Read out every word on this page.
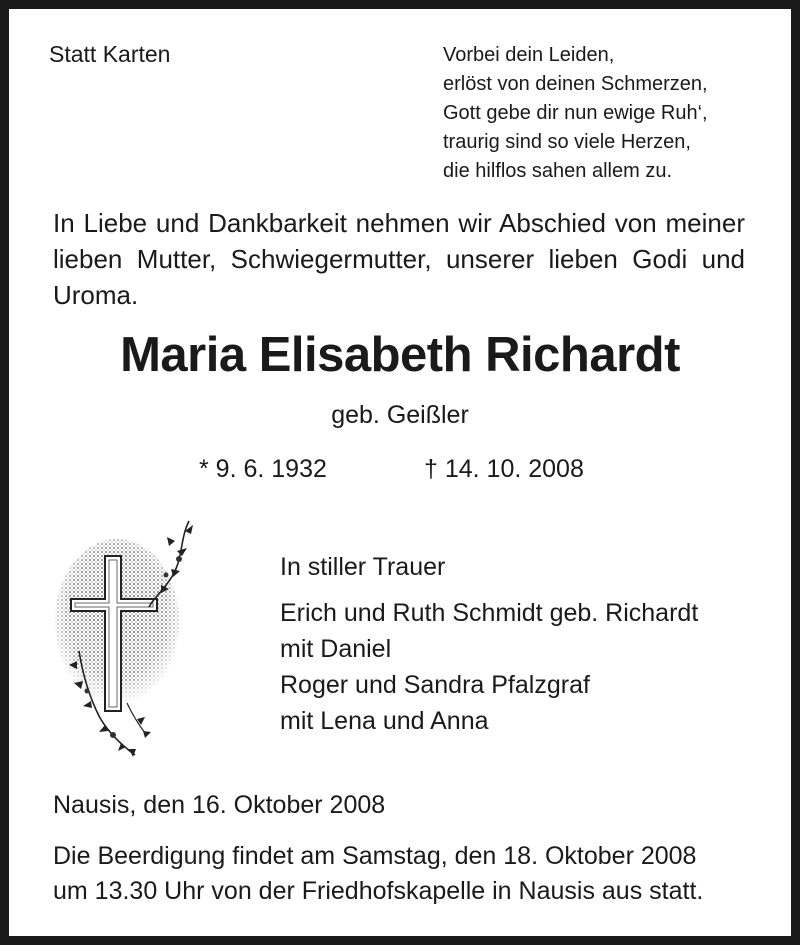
Statt Karten	Vorbei dein Leiden,
erlöst von deinen Schmerzen,
Gott gebe dir nun ewige Ruh‘,
traurig sind so viele Herzen,
die hilflos sahen allem zu.
In Liebe und Dankbarkeit nehmen wir Abschied von meiner lieben Mutter, Schwiegermutter, unserer lieben Godi und Uroma.
Maria Elisabeth Richardt
geb. Geißler
* 9. 6. 1932	† 14. 10. 2008
In stiller Trauer
Erich und Ruth Schmidt geb. Richardt
mit Daniel
Roger und Sandra Pfalzgraf
mit Lena und Anna
Nausis, den 16. Oktober 2008
Die Beerdigung findet am Samstag, den 18. Oktober 2008
um 13.30 Uhr von der Friedhofskapelle in Nausis aus statt.
